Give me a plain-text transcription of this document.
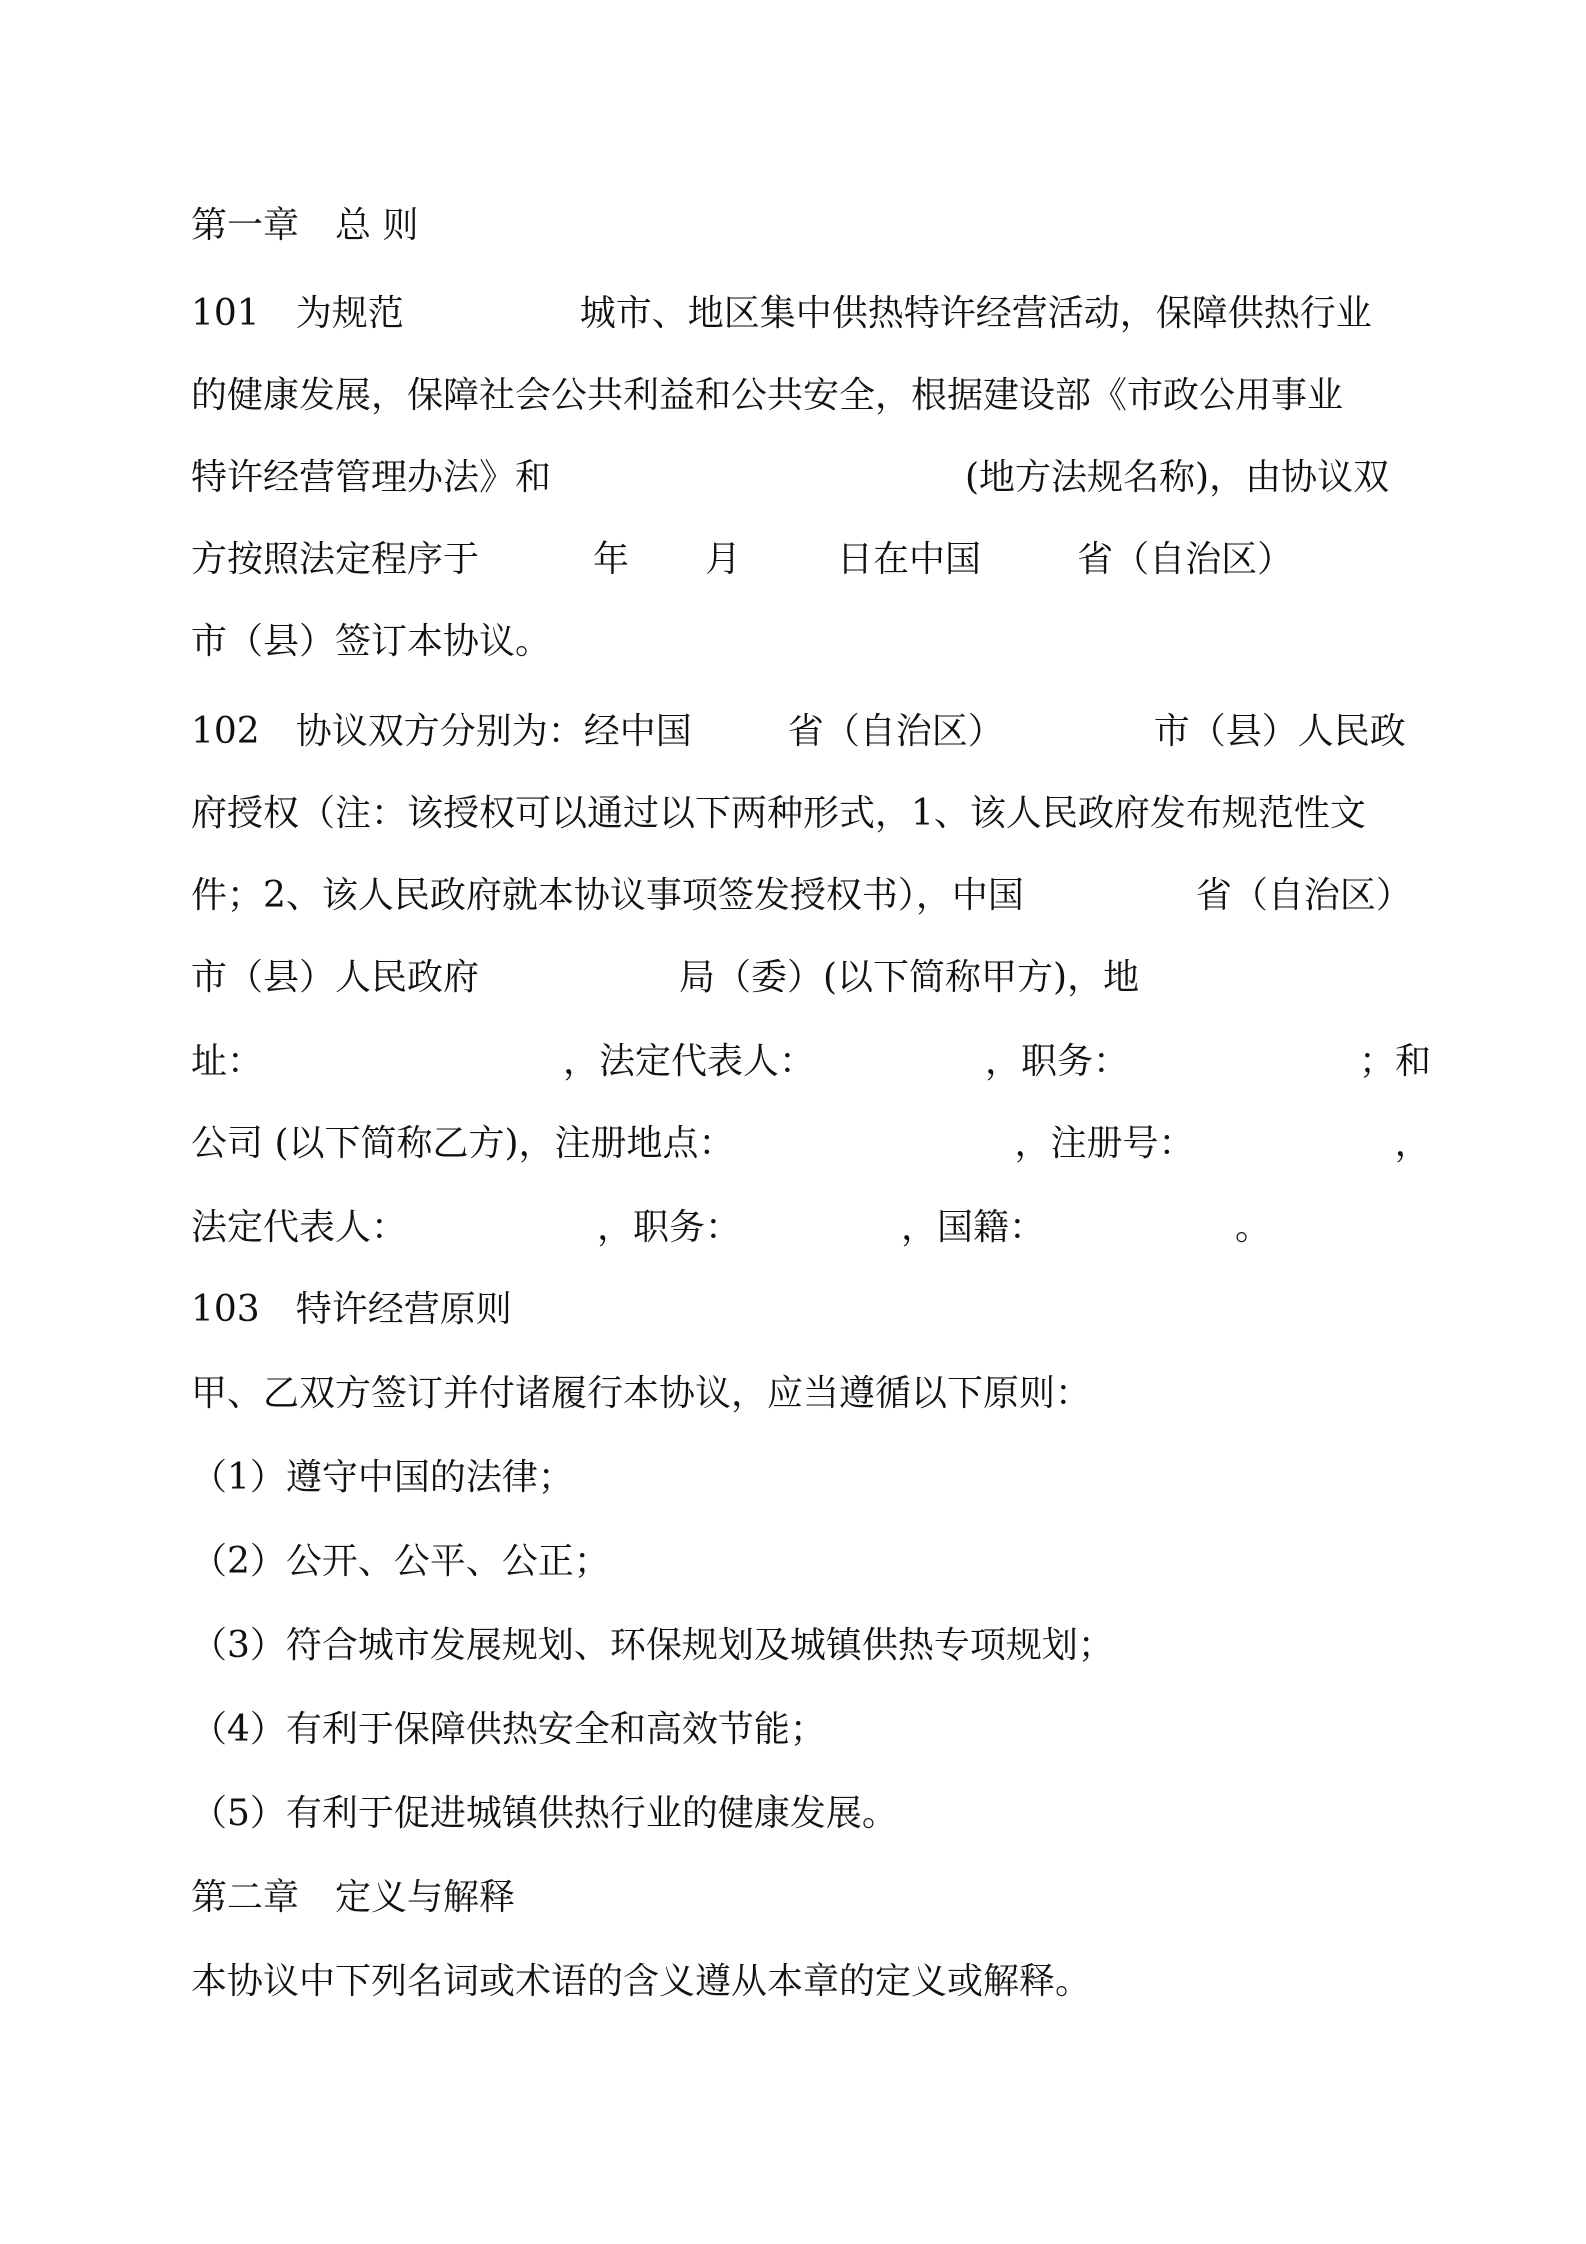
第一章 总 则
101 为规范	城市、地区集中供热特许经营活动，保障供热行业
的健康发展，保障社会公共利益和公共安全，根据建设部《市政公用事业
特许经营管理办法》和	(地方法规名称)，由协议双
方按照法定程序于	年 月	日在中国	省（自治区）
市（县）签订本协议。
102 协议双方分别为：经中国	省（自治区）	市（县）人民政
府授权（注：该授权可以通过以下两种形式，1、该人民政府发布规范性文
件；2、该人民政府就本协议事项签发授权书），中国	省（自治区）
市（县）人民政府	局（委）(以下简称甲方)，地
址：	，法定代表人：	，职务：	；和
公司 (以下简称乙方)，注册地点：	，注册号：	，
法定代表人：	，职务：	，国籍：	。
103 特许经营原则
甲、乙双方签订并付诸履行本协议，应当遵循以下原则：
（1）遵守中国的法律；
（2）公开、公平、公正；
（3）符合城市发展规划、环保规划及城镇供热专项规划；
（4）有利于保障供热安全和高效节能；
（5）有利于促进城镇供热行业的健康发展。
第二章 定义与解释
本协议中下列名词或术语的含义遵从本章的定义或解释。
